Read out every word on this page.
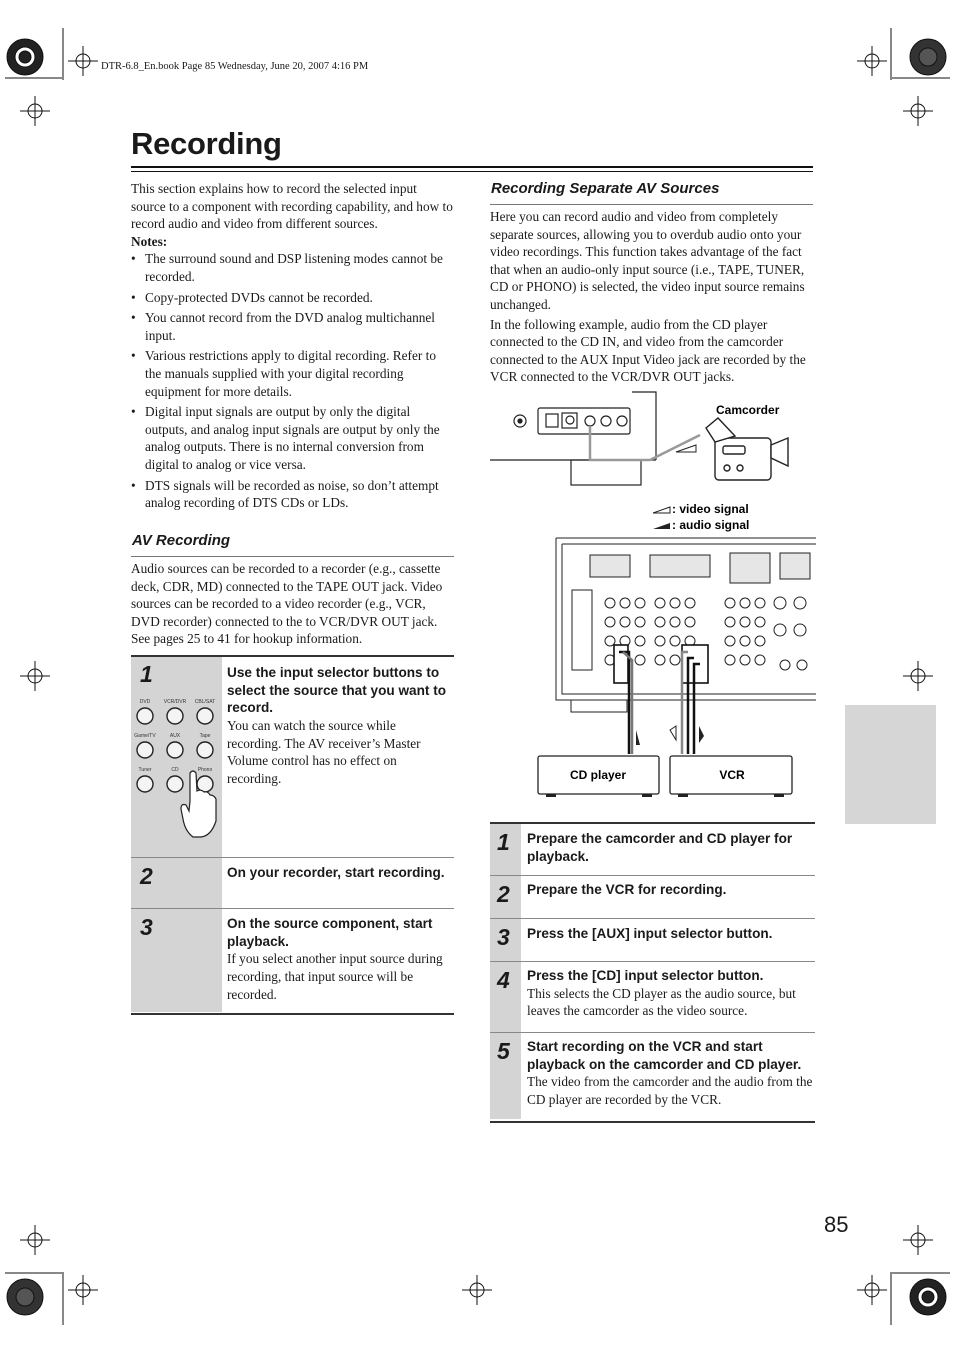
DTR-6.8_En.book Page 85 Wednesday, June 20, 2007 4:16 PM
Recording
This section explains how to record the selected input source to a component with recording capability, and how to record audio and video from different sources.
Notes:
• The surround sound and DSP listening modes cannot be recorded.
• Copy-protected DVDs cannot be recorded.
• You cannot record from the DVD analog multichannel input.
• Various restrictions apply to digital recording. Refer to the manuals supplied with your digital recording equipment for more details.
• Digital input signals are output by only the digital outputs, and analog input signals are output by only the analog outputs. There is no internal conversion from digital to analog or vice versa.
• DTS signals will be recorded as noise, so don’t attempt analog recording of DTS CDs or LDs.
AV Recording
Audio sources can be recorded to a recorder (e.g., cassette deck, CDR, MD) connected to the TAPE OUT jack. Video sources can be recorded to a video recorder (e.g., VCR, DVD recorder) connected to the to VCR/DVR OUT jack. See pages 25 to 41 for hookup information.
1
DVD	VCR/DVR CBL/SAT
Game/TV	AUX	Tape
Tuner	CD	Phono
Use the input selector buttons to select the source that you want to record.
You can watch the source while recording. The AV receiver’s Master Volume control has no effect on recording.
2	On your recorder, start recording.
3	On the source component, start playback.
If you select another input source during recording, that input source will be recorded.
Recording Separate AV Sources
Here you can record audio and video from completely separate sources, allowing you to overdub audio onto your video recordings. This function takes advantage of the fact that when an audio-only input source (i.e., TAPE, TUNER, CD or PHONO) is selected, the video input source remains unchanged.
In the following example, audio from the CD player connected to the CD IN, and video from the camcorder connected to the AUX Input Video jack are recorded by the VCR connected to the VCR/DVR OUT jacks.
Camcorder
: video signal
: audio signal
CD player	VCR
1 Prepare the camcorder and CD player for playback.
2 Prepare the VCR for recording.
3 Press the [AUX] input selector button.
4 Press the [CD] input selector button.
This selects the CD player as the audio source, but leaves the camcorder as the video source.
5 Start recording on the VCR and start playback on the camcorder and CD player.
The video from the camcorder and the audio from the CD player are recorded by the VCR.
85
